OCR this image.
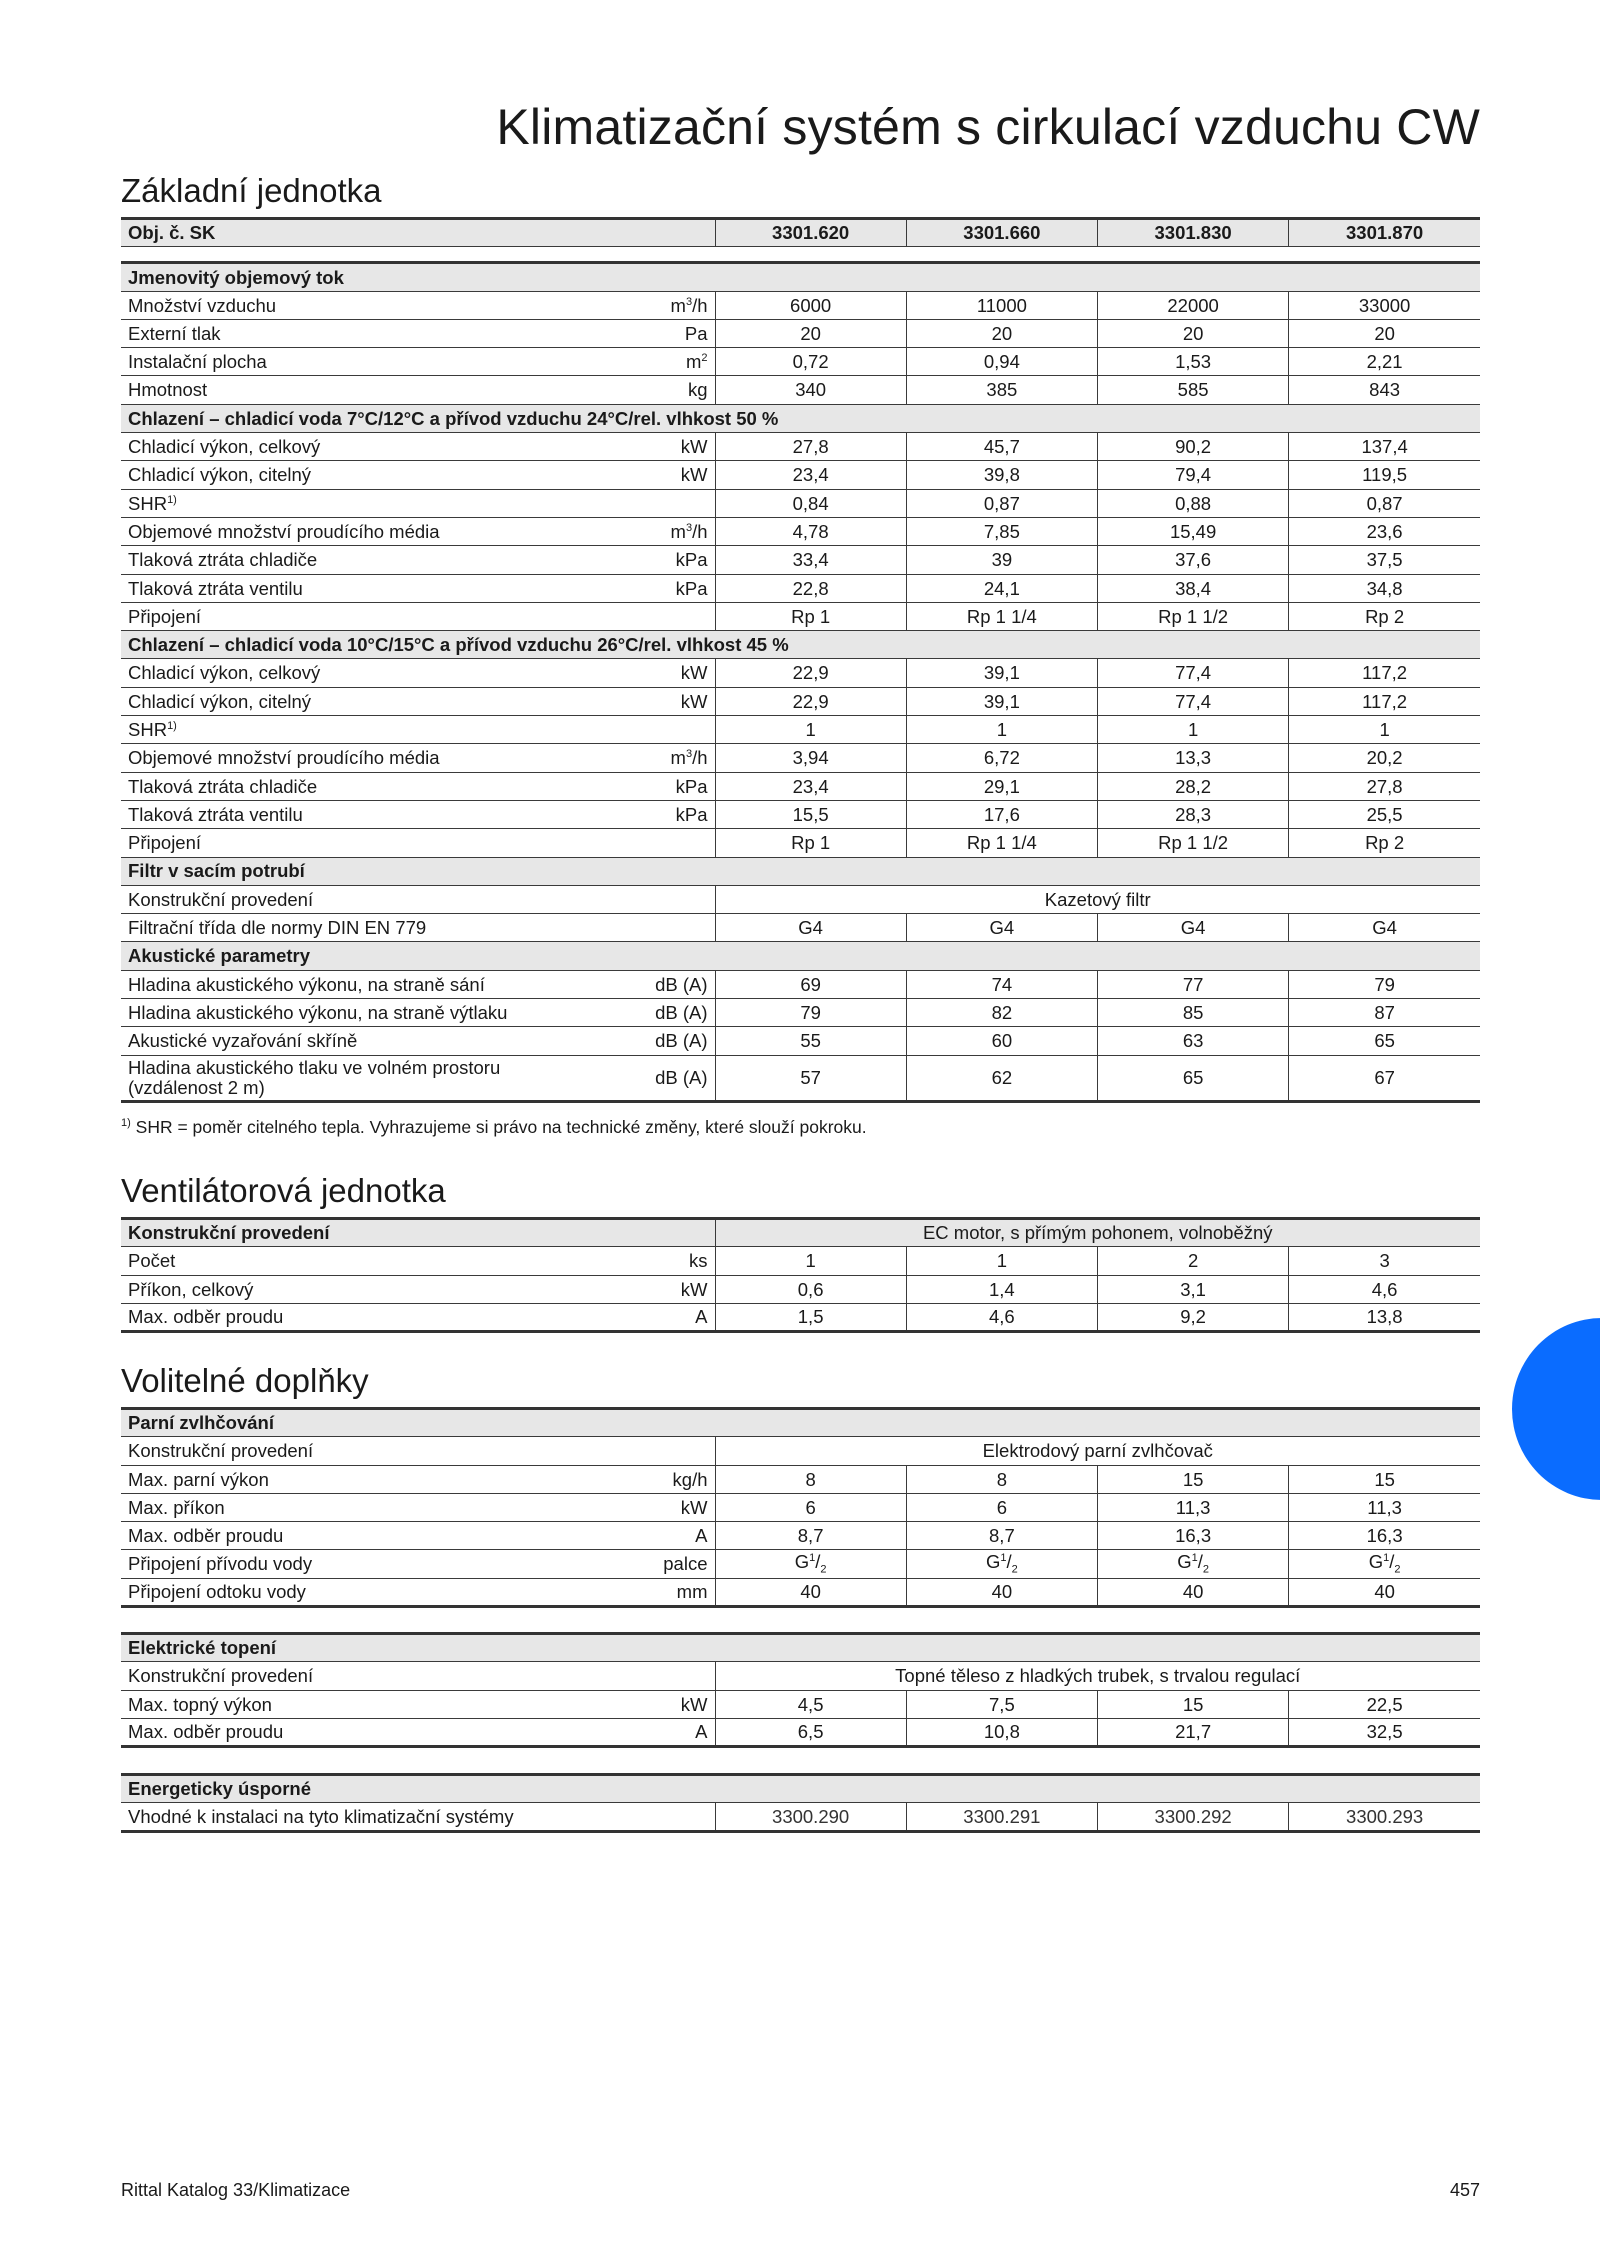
Klimatizační systém s cirkulací vzduchu CW
Základní jednotka
Obj. č. SK		3301.620	3301.660	3301.830	3301.870

Jmenovitý objemový tok					
Množství vzduchu	$m^3/h$	6000	11000	22000	33000
Externí tlak	Pa	20	20	20	20
Instalační plocha	$m^2$	0,72	0,94	1,53	2,21
Hmotnost	kg	340	385	585	843
Chlazení – chladicí voda 7°C/12°C a přívod vzduchu 24°C/rel. vlhkost 50 %					
Chladicí výkon, celkový	kW	27,8	45,7	90,2	137,4
Chladicí výkon, citelný	kW	23,4	39,8	79,4	119,5
SHR$^{1)}$		0,84	0,87	0,88	0,87
Objemové množství proudícího média	$m^3/h$	4,78	7,85	15,49	23,6
Tlaková ztráta chladiče	kPa	33,4	39	37,6	37,5
Tlaková ztráta ventilu	kPa	22,8	24,1	38,4	34,8
Připojení		Rp 1	Rp 1 1/4	Rp 1 1/2	Rp 2
Chlazení – chladicí voda 10°C/15°C a přívod vzduchu 26°C/rel. vlhkost 45 %					
Chladicí výkon, celkový	kW	22,9	39,1	77,4	117,2
Chladicí výkon, citelný	kW	22,9	39,1	77,4	117,2
SHR$^{1)}$		1	1	1	1
Objemové množství proudícího média	$m^3/h$	3,94	6,72	13,3	20,2
Tlaková ztráta chladiče	kPa	23,4	29,1	28,2	27,8
Tlaková ztráta ventilu	kPa	15,5	17,6	28,3	25,5
Připojení		Rp 1	Rp 1 1/4	Rp 1 1/2	Rp 2
Filtr v sacím potrubí					
Konstrukční provedení		Kazetový filtr			
Filtrační třída dle normy DIN EN 779		G4	G4	G4	G4
Akustické parametry					
Hladina akustického výkonu, na straně sání	dB (A)	69	74	77	79
Hladina akustického výkonu, na straně výtlaku	dB (A)	79	82	85	87
Akustické vyzařování skříně	dB (A)	55	60	63	65
Hladina akustického tlaku ve volném prostoru (vzdálenost 2 m)	dB (A)	57	62	65	67

$^{1)}$ SHR = poměr citelného tepla. Vyhrazujeme si právo na technické změny, které slouží pokroku.

Ventilátorová jednotka
Konstrukční provedení		EC motor, s přímým pohonem, volnoběžný			
Počet	ks	1	1	2	3
Příkon, celkový	kW	0,6	1,4	3,1	4,6
Max. odběr proudu	A	1,5	4,6	9,2	13,8
Volitelné doplňky
Parní zvlhčování					
Konstrukční provedení		Elektrodový parní zvlhčovač			
Max. parní výkon	kg/h	8	8	15	15
Max. příkon	kW	6	6	11,3	11,3
Max. odběr proudu	A	8,7	8,7	16,3	16,3
Připojení přívodu vody	palce	$G^1/_2$	$G^1/_2$	$G^1/_2$	$G^1/_2$
Připojení odtoku vody	mm	40	40	40	40
Elektrické topení					
Konstrukční provedení		Topné těleso z hladkých trubek, s trvalou regulací			
Max. topný výkon	kW	4,5	7,5	15	22,5
Max. odběr proudu	A	6,5	10,8	21,7	32,5
Energeticky úsporné
Vhodné k instalaci na tyto klimatizační systémy		3300.290	3300.291	3300.292	3300.293
Rittal Katalog 33/Klimatizace	457
